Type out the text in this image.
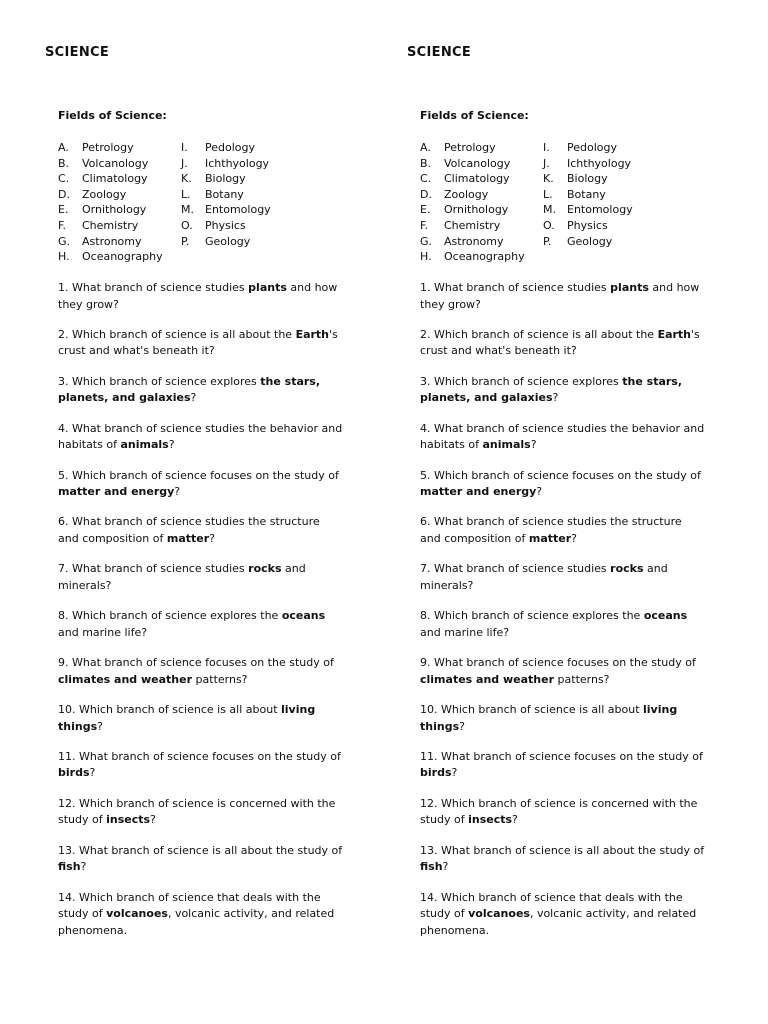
SCIENCE
Fields of Science:
A. Petrology	I. Pedology
B. Volcanology	J. Ichthyology
C. Climatology	K. Biology
D. Zoology	L. Botany
E. Ornithology	M. Entomology
F. Chemistry	O. Physics
G. Astronomy	P. Geology
H. Oceanography
1. What branch of science studies plants and how they grow?
2. Which branch of science is all about the Earth's crust and what's beneath it?
3. Which branch of science explores the stars, planets, and galaxies?
4. What branch of science studies the behavior and habitats of animals?
5. Which branch of science focuses on the study of matter and energy?
6. What branch of science studies the structure and composition of matter?
7. What branch of science studies rocks and minerals?
8. Which branch of science explores the oceans and marine life?
9. What branch of science focuses on the study of climates and weather patterns?
10. Which branch of science is all about living things?
11. What branch of science focuses on the study of birds?
12. Which branch of science is concerned with the study of insects?
13. What branch of science is all about the study of fish?
14. Which branch of science that deals with the study of volcanoes, volcanic activity, and related phenomena.
SCIENCE
Fields of Science:
A. Petrology	I. Pedology
B. Volcanology	J. Ichthyology
C. Climatology	K. Biology
D. Zoology	L. Botany
E. Ornithology	M. Entomology
F. Chemistry	O. Physics
G. Astronomy	P. Geology
H. Oceanography
1. What branch of science studies plants and how they grow?
2. Which branch of science is all about the Earth's crust and what's beneath it?
3. Which branch of science explores the stars, planets, and galaxies?
4. What branch of science studies the behavior and habitats of animals?
5. Which branch of science focuses on the study of matter and energy?
6. What branch of science studies the structure and composition of matter?
7. What branch of science studies rocks and minerals?
8. Which branch of science explores the oceans and marine life?
9. What branch of science focuses on the study of climates and weather patterns?
10. Which branch of science is all about living things?
11. What branch of science focuses on the study of birds?
12. Which branch of science is concerned with the study of insects?
13. What branch of science is all about the study of fish?
14. Which branch of science that deals with the study of volcanoes, volcanic activity, and related phenomena.
